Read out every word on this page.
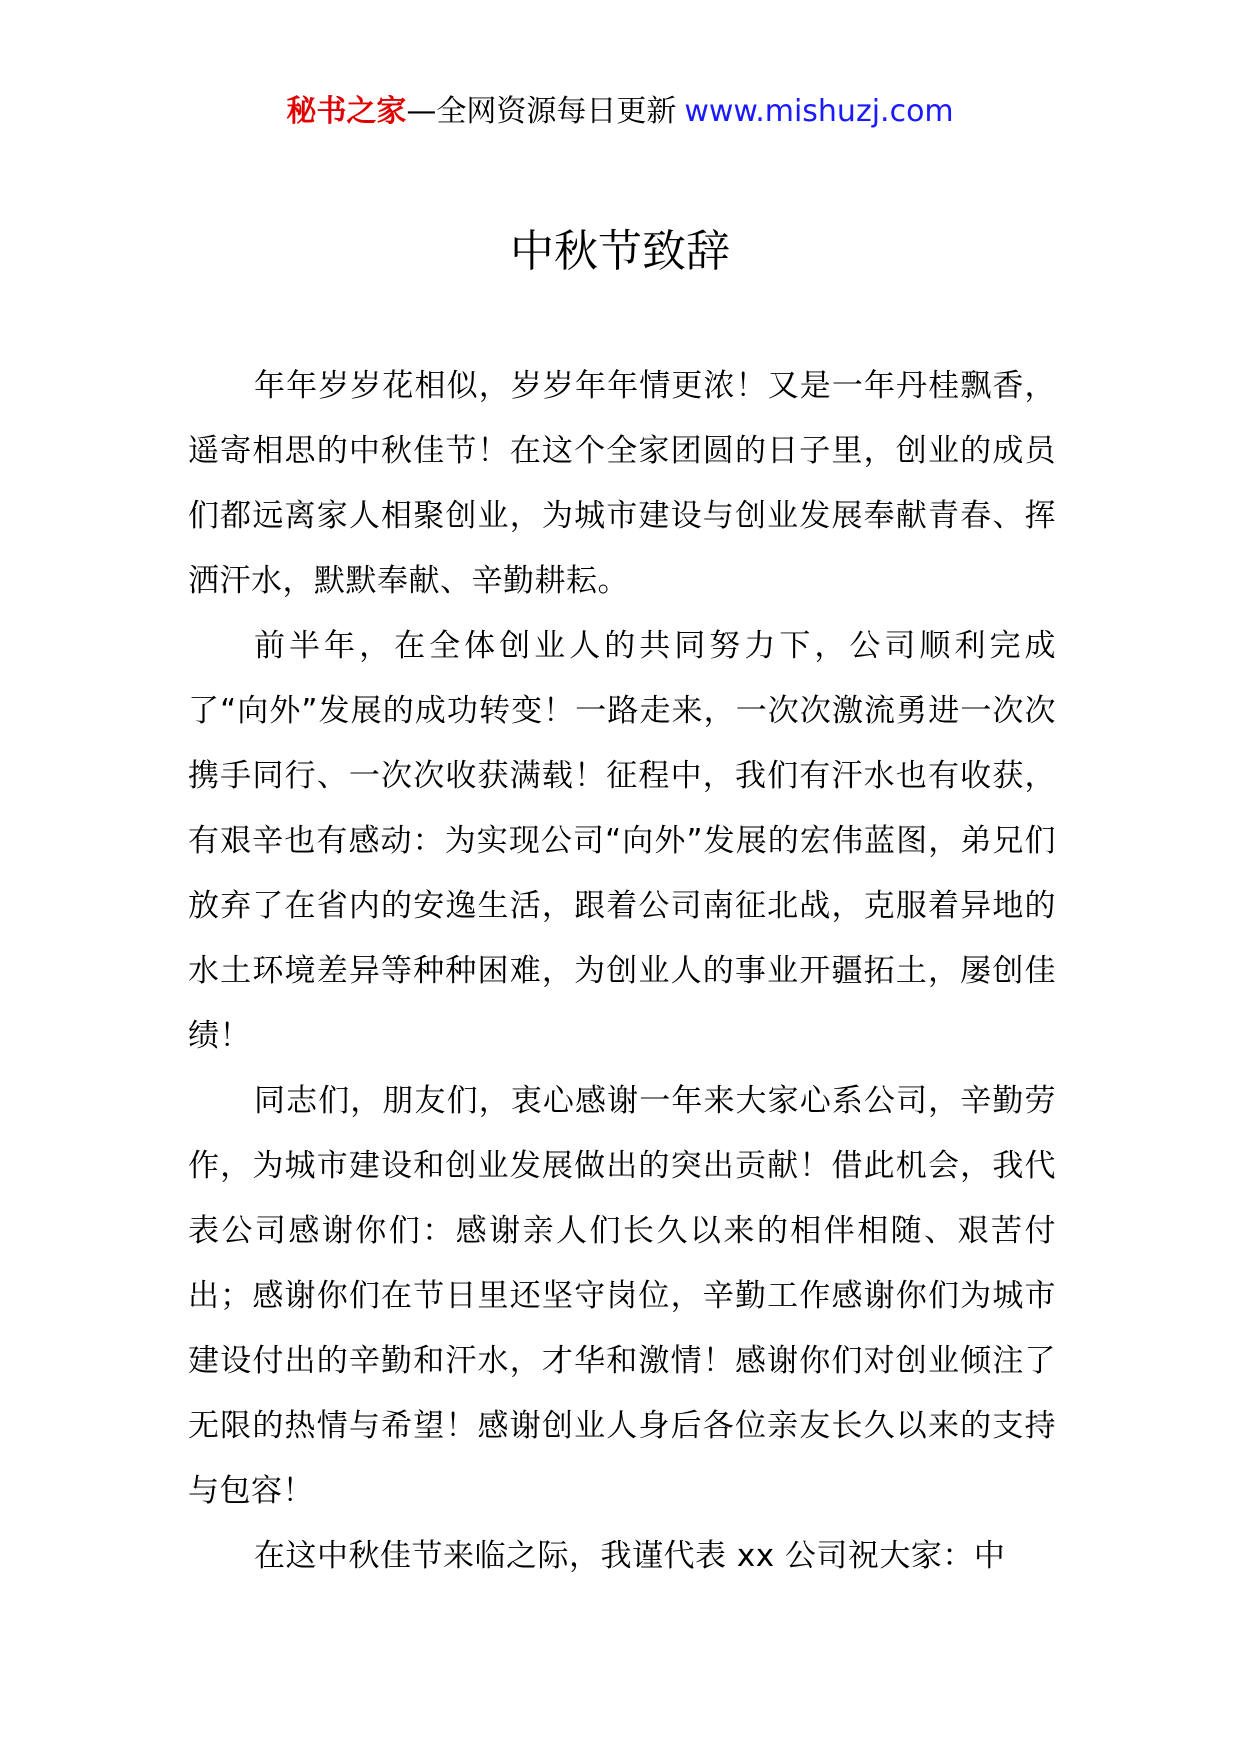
秘书之家—全网资源每日更新 www.mishuzj.com
中秋节致辞

年年岁岁花相似，岁岁年年情更浓！又是一年丹桂飘香，遥寄相思的中秋佳节！在这个全家团圆的日子里，创业的成员们都远离家人相聚创业，为城市建设与创业发展奉献青春、挥洒汗水，默默奉献、辛勤耕耘。

前半年，在全体创业人的共同努力下，公司顺利完成了“向外”发展的成功转变！一路走来，一次次激流勇进一次次携手同行、一次次收获满载！征程中，我们有汗水也有收获，有艰辛也有感动：为实现公司“向外”发展的宏伟蓝图，弟兄们放弃了在省内的安逸生活，跟着公司南征北战，克服着异地的水土环境差异等种种困难，为创业人的事业开疆拓土，屡创佳绩！

同志们，朋友们，衷心感谢一年来大家心系公司，辛勤劳作，为城市建设和创业发展做出的突出贡献！借此机会，我代表公司感谢你们：感谢亲人们长久以来的相伴相随、艰苦付出；感谢你们在节日里还坚守岗位，辛勤工作感谢你们为城市建设付出的辛勤和汗水，才华和激情！感谢你们对创业倾注了无限的热情与希望！感谢创业人身后各位亲友长久以来的支持与包容！

在这中秋佳节来临之际，我谨代表 xx 公司祝大家：中
